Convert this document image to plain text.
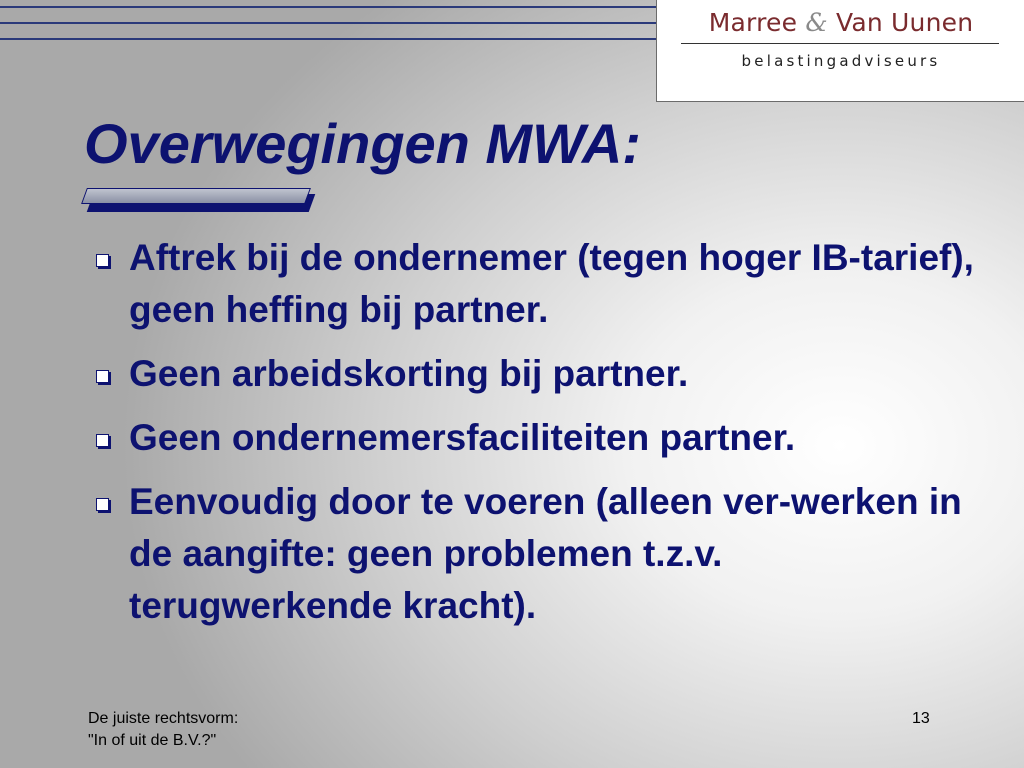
Marree & Van Uunen
belastingadviseurs
Overwegingen MWA:
Aftrek bij de ondernemer (tegen hoger IB-tarief), geen heffing bij partner.
Geen arbeidskorting bij partner.
Geen ondernemersfaciliteiten partner.
Eenvoudig door te voeren (alleen ver-werken in de aangifte: geen problemen t.z.v. terugwerkende kracht).
De juiste rechtsvorm:
"In of uit de B.V.?"
13
